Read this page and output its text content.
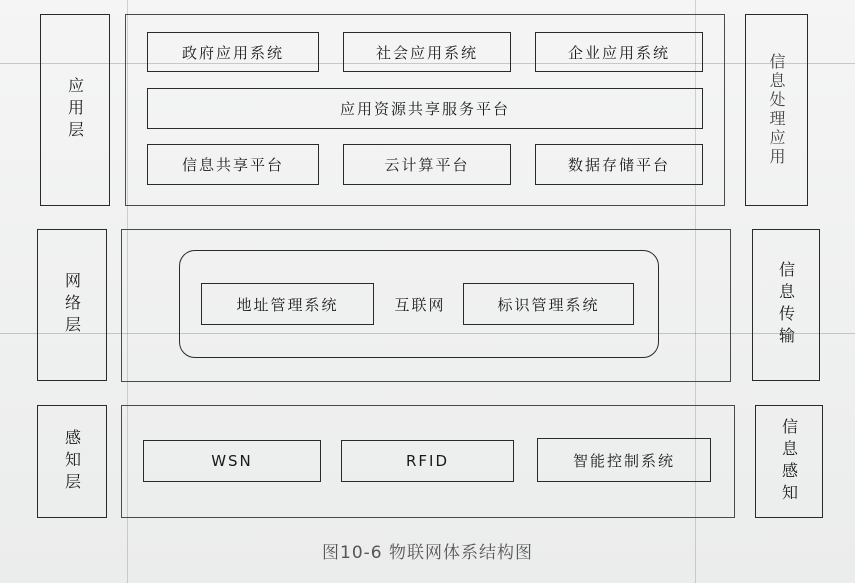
应用层
网络层
感知层
政府应用系统	社会应用系统	企业应用系统
应用资源共享服务平台
信息共享平台	云计算平台	数据存储平台
地址管理系统	互联网	标识管理系统
WSN	RFID	智能控制系统
信息处理应用
信息传输
信息感知
图10-6 物联网体系结构图
